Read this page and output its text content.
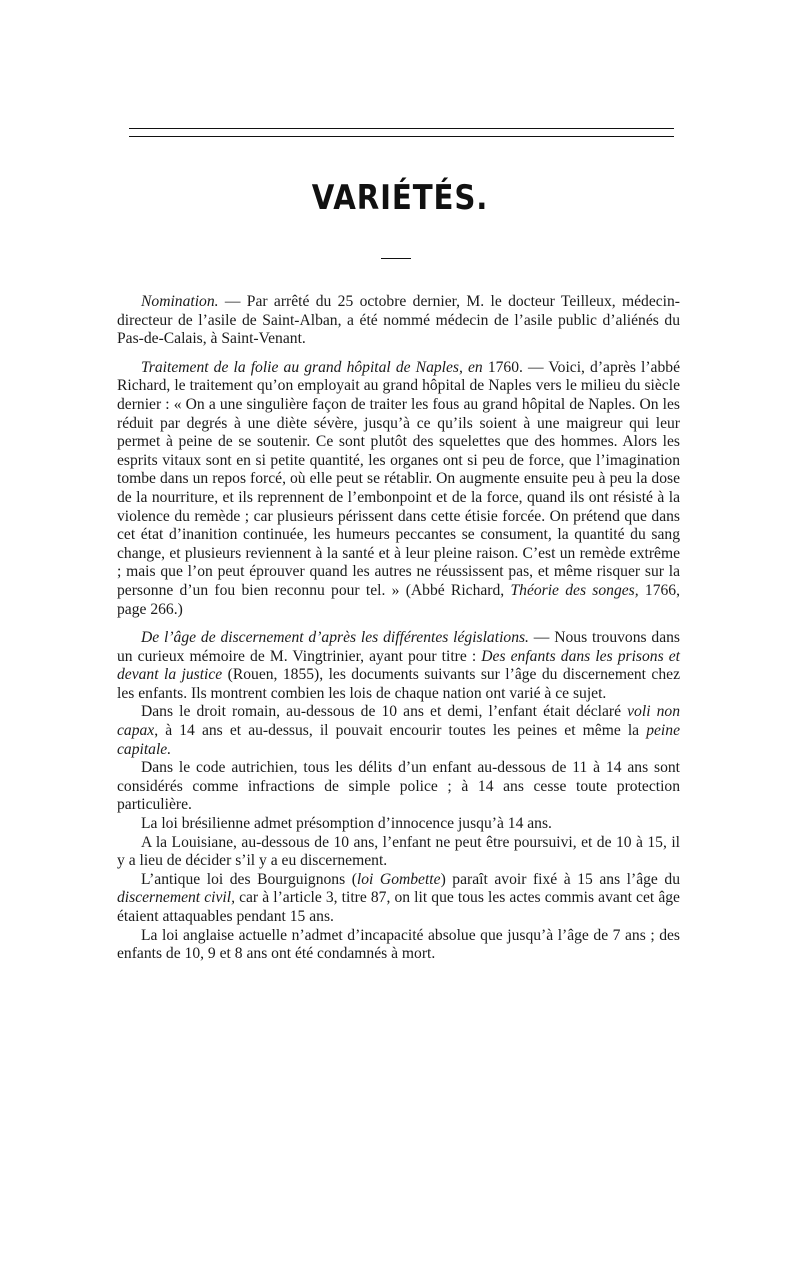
VARIÉTÉS.

Nomination. — Par arrêté du 25 octobre dernier, M. le docteur Teilleux, médecin-directeur de l’asile de Saint-Alban, a été nommé médecin de l’asile public d’aliénés du Pas-de-Calais, à Saint-Venant.

Traitement de la folie au grand hôpital de Naples, en 1760. — Voici, d’après l’abbé Richard, le traitement qu’on employait au grand hôpital de Naples vers le milieu du siècle dernier : « On a une singulière façon de traiter les fous au grand hôpital de Naples. On les réduit par degrés à une diète sévère, jusqu’à ce qu’ils soient à une maigreur qui leur permet à peine de se soutenir. Ce sont plutôt des squelettes que des hommes. Alors les esprits vitaux sont en si petite quantité, les organes ont si peu de force, que l’imagination tombe dans un repos forcé, où elle peut se rétablir. On augmente ensuite peu à peu la dose de la nourriture, et ils reprennent de l’embonpoint et de la force, quand ils ont résisté à la violence du remède ; car plusieurs périssent dans cette étisie forcée. On prétend que dans cet état d’inanition continuée, les humeurs peccantes se consument, la quantité du sang change, et plusieurs reviennent à la santé et à leur pleine raison. C’est un remède extrême ; mais que l’on peut éprouver quand les autres ne réussissent pas, et même risquer sur la personne d’un fou bien reconnu pour tel. » (Abbé Richard, Théorie des songes, 1766, page 266.)

De l’âge de discernement d’après les différentes législations. — Nous trouvons dans un curieux mémoire de M. Vingtrinier, ayant pour titre : Des enfants dans les prisons et devant la justice (Rouen, 1855), les documents suivants sur l’âge du discernement chez les enfants. Ils montrent combien les lois de chaque nation ont varié à ce sujet.

Dans le droit romain, au-dessous de 10 ans et demi, l’enfant était déclaré voli non capax, à 14 ans et au-dessus, il pouvait encourir toutes les peines et même la peine capitale.

Dans le code autrichien, tous les délits d’un enfant au-dessous de 11 à 14 ans sont considérés comme infractions de simple police ; à 14 ans cesse toute protection particulière.

La loi brésilienne admet présomption d’innocence jusqu’à 14 ans.

A la Louisiane, au-dessous de 10 ans, l’enfant ne peut être poursuivi, et de 10 à 15, il y a lieu de décider s’il y a eu discernement.

L’antique loi des Bourguignons (loi Gombette) paraît avoir fixé à 15 ans l’âge du discernement civil, car à l’article 3, titre 87, on lit que tous les actes commis avant cet âge étaient attaquables pendant 15 ans.

La loi anglaise actuelle n’admet d’incapacité absolue que jusqu’à l’âge de 7 ans ; des enfants de 10, 9 et 8 ans ont été condamnés à mort.
